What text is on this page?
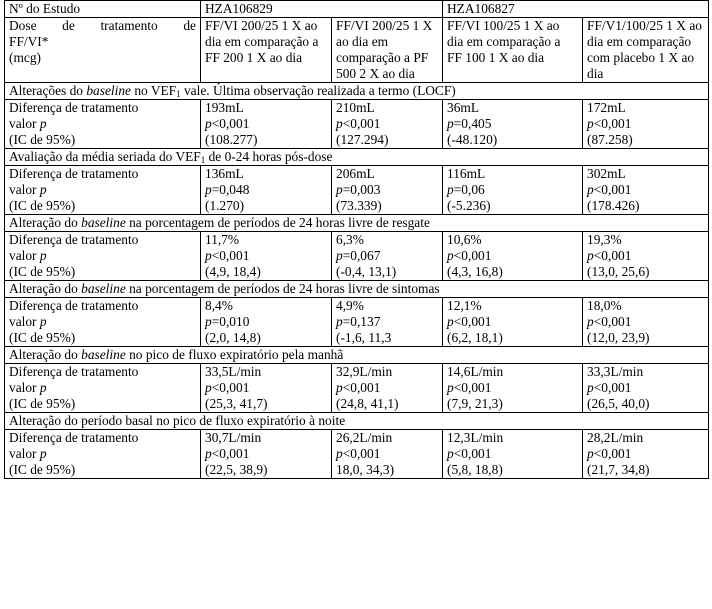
Nº do Estudo	HZA106829		HZA106827	

Dose de tratamento de
FF/VI*
(mcg)	FF/VI 200/25 1 X ao dia em comparação a FF 200 1 X ao dia	FF/VI 200/25 1 X ao dia em comparação a PF 500 2 X ao dia	FF/VI 100/25 1 X ao dia em comparação a FF 100 1 X ao dia	FF/V1/100/25 1 X ao dia em comparação com placebo 1 X ao dia
Alterações do baseline no $VEF_1$ vale. Última observação realizada a termo (LOCF)				

Diferença de tratamento
valor p
(IC de 95%)	193mL
p<0,001
(108.277)	210mL
p<0,001
(127.294)	36mL
p=0,405
(-48.120)	172mL
p<0,001
(87.258)

Avaliação da média seriada do $VEF_1$ de 0-24 horas pós-dose				

Diferença de tratamento
valor p
(IC de 95%)	136mL
p=0,048
(1.270)	206mL
p=0,003
(73.339)	116mL
p=0,06
(-5.236)	302mL
p<0,001
(178.426)

Alteração do baseline na porcentagem de períodos de 24 horas livre de resgate				

Diferença de tratamento
valor p
(IC de 95%)	11,7%
p<0,001
(4,9, 18,4)	6,3%
p=0,067
(-0,4, 13,1)	10,6%
p<0,001
(4,3, 16,8)	19,3%
p<0,001
(13,0, 25,6)

Alteração do baseline na porcentagem de períodos de 24 horas livre de sintomas				

Diferença de tratamento
valor p
(IC de 95%)	8,4%
p=0,010
(2,0, 14,8)	4,9%
p=0,137
(-1,6, 11,3	12,1%
p<0,001
(6,2, 18,1)	18,0%
p<0,001
(12,0, 23,9)

Alteração do baseline no pico de fluxo expiratório pela manhã				

Diferença de tratamento
valor p
(IC de 95%)	33,5L/min
p<0,001
(25,3, 41,7)	32,9L/min
p<0,001
(24,8, 41,1)	14,6L/min
p<0,001
(7,9, 21,3)	33,3L/min
p<0,001
(26,5, 40,0)

Alteração do período basal no pico de fluxo expiratório à noite				

Diferença de tratamento
valor p
(IC de 95%)	30,7L/min
p<0,001
(22,5, 38,9)	26,2L/min
p<0,001
18,0, 34,3)	12,3L/min
p<0,001
(5,8, 18,8)	28,2L/min
p<0,001
(21,7, 34,8)
